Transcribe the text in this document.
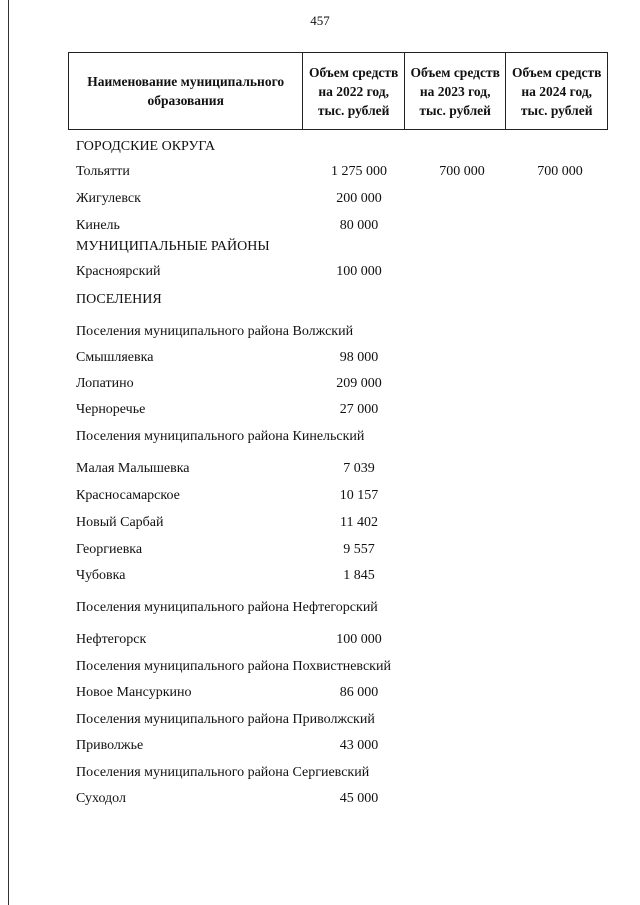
457
Наименование муниципального образования	Объем средств на 2022 год, тыс. рублей	Объем средств на 2023 год, тыс. рублей	Объем средств на 2024 год, тыс. рублей
ГОРОДСКИЕ ОКРУГА
Тольятти	1 275 000	700 000	700 000
Жигулевск	200 000
Кинель	80 000
МУНИЦИПАЛЬНЫЕ РАЙОНЫ
Красноярский	100 000
ПОСЕЛЕНИЯ
Поселения муниципального района Волжский
Смышляевка	98 000
Лопатино	209 000
Черноречье	27 000
Поселения муниципального района Кинельский
Малая Малышевка	7 039
Красносамарское	10 157
Новый Сарбай	11 402
Георгиевка	9 557
Чубовка	1 845
Поселения муниципального района Нефтегорский
Нефтегорск	100 000
Поселения муниципального района Похвистневский
Новое Мансуркино	86 000
Поселения муниципального района Приволжский
Приволжье	43 000
Поселения муниципального района Сергиевский
Суходол	45 000
